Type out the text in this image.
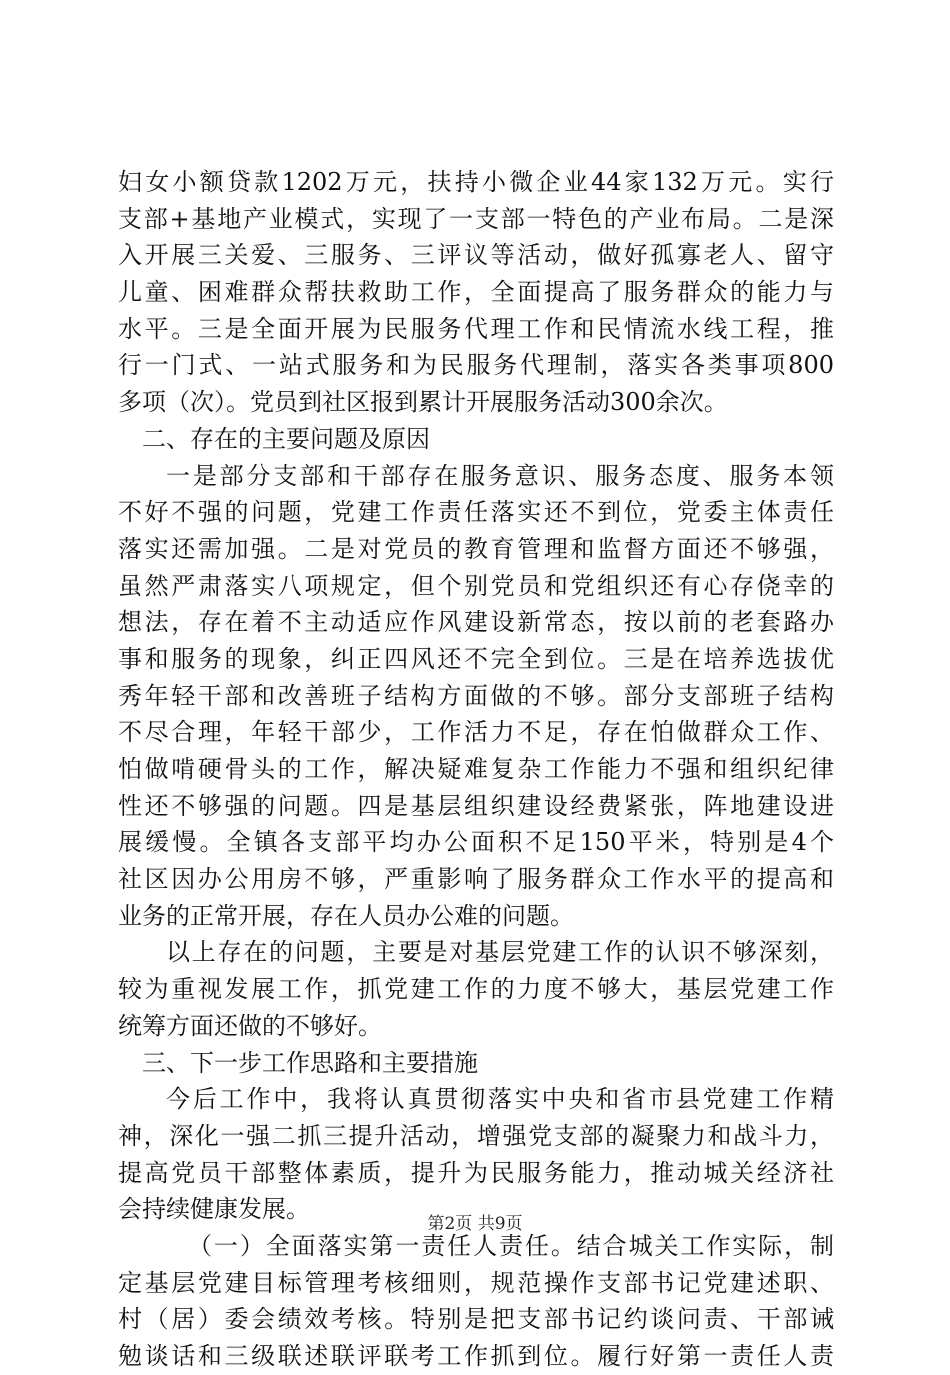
妇女小额贷款1202万元，扶持小微企业44家132万元。实行
支部+基地产业模式，实现了一支部一特色的产业布局。二是深
入开展三关爱、三服务、三评议等活动，做好孤寡老人、留守
儿童、困难群众帮扶救助工作，全面提高了服务群众的能力与
水平。三是全面开展为民服务代理工作和民情流水线工程，推
行一门式、一站式服务和为民服务代理制，落实各类事项800
多项（次）。党员到社区报到累计开展服务活动300余次。
二、存在的主要问题及原因
一是部分支部和干部存在服务意识、服务态度、服务本领
不好不强的问题，党建工作责任落实还不到位，党委主体责任
落实还需加强。二是对党员的教育管理和监督方面还不够强，
虽然严肃落实八项规定，但个别党员和党组织还有心存侥幸的
想法，存在着不主动适应作风建设新常态，按以前的老套路办
事和服务的现象，纠正四风还不完全到位。三是在培养选拔优
秀年轻干部和改善班子结构方面做的不够。部分支部班子结构
不尽合理，年轻干部少，工作活力不足，存在怕做群众工作、
怕做啃硬骨头的工作，解决疑难复杂工作能力不强和组织纪律
性还不够强的问题。四是基层组织建设经费紧张，阵地建设进
展缓慢。全镇各支部平均办公面积不足150平米，特别是4个
社区因办公用房不够，严重影响了服务群众工作水平的提高和
业务的正常开展，存在人员办公难的问题。
以上存在的问题，主要是对基层党建工作的认识不够深刻，
较为重视发展工作，抓党建工作的力度不够大，基层党建工作
统筹方面还做的不够好。
三、下一步工作思路和主要措施
今后工作中，我将认真贯彻落实中央和省市县党建工作精
神，深化一强二抓三提升活动，增强党支部的凝聚力和战斗力，
提高党员干部整体素质，提升为民服务能力，推动城关经济社
会持续健康发展。
（一）全面落实第一责任人责任。结合城关工作实际，制
定基层党建目标管理考核细则，规范操作支部书记党建述职、
村（居）委会绩效考核。特别是把支部书记约谈问责、干部诫
勉谈话和三级联述联评联考工作抓到位。履行好第一责任人责
第2页 共9页
